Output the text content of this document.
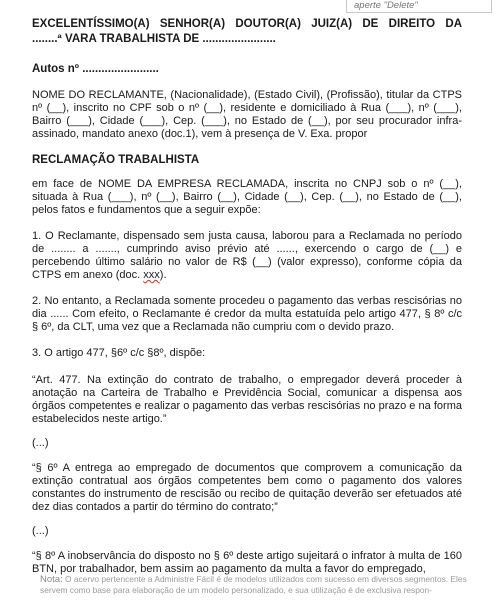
aperte "Delete"
EXCELENTÍSSIMO(A) SENHOR(A) DOUTOR(A) JUIZ(A) DE DIREITO DA
........ª VARA TRABALHISTA DE .......................
Autos nº ........................

NOME DO RECLAMANTE, (Nacionalidade), (Estado Civil), (Profissão), titular da CTPS nº (__), inscrito no CPF sob o nº (__), residente e domiciliado à Rua (___), nº (___), Bairro (___), Cidade (___), Cep. (___), no Estado de (__), por seu procurador infra-assinado, mandato anexo (doc.1), vem à presença de V. Exa. propor

RECLAMAÇÃO TRABALHISTA

em face de NOME DA EMPRESA RECLAMADA, inscrita no CNPJ sob o nº (__), situada à Rua (___), nº (__), Bairro (__), Cidade (__), Cep. (__), no Estado de (__), pelos fatos e fundamentos que a seguir expõe:

1. O Reclamante, dispensado sem justa causa, laborou para a Reclamada no período de ........ a ......., cumprindo aviso prévio até ......, exercendo o cargo de (__) e percebendo último salário no valor de R$ (__) (valor expresso), conforme cópia da CTPS em anexo (doc. xxx).

2. No entanto, a Reclamada somente procedeu o pagamento das verbas rescisórias no dia ...... Com efeito, o Reclamante é credor da multa estatuída pelo artigo 477, § 8º c/c § 6º, da CLT, uma vez que a Reclamada não cumpriu com o devido prazo.

3. O artigo 477, §6º c/c §8º, dispõe:

“Art. 477. Na extinção do contrato de trabalho, o empregador deverá proceder à anotação na Carteira de Trabalho e Previdência Social, comunicar a dispensa aos órgãos competentes e realizar o pagamento das verbas rescisórias no prazo e na forma estabelecidos neste artigo.”

(...)

“§ 6º A entrega ao empregado de documentos que comprovem a comunicação da extinção contratual aos órgãos competentes bem como o pagamento dos valores constantes do instrumento de rescisão ou recibo de quitação deverão ser efetuados até dez dias contados a partir do término do contrato;”

(...)

“§ 8º A inobservância do disposto no § 6º deste artigo sujeitará o infrator à multa de 160 BTN, por trabalhador, bem assim ao pagamento da multa a favor do empregado,

Nota: O acervo pertencente a Administre Fácil é de modelos utilizados com sucesso em diversos segmentos. Eles servem como base para elaboração de um modelo personalizado, e sua utilização é de exclusiva respon-
